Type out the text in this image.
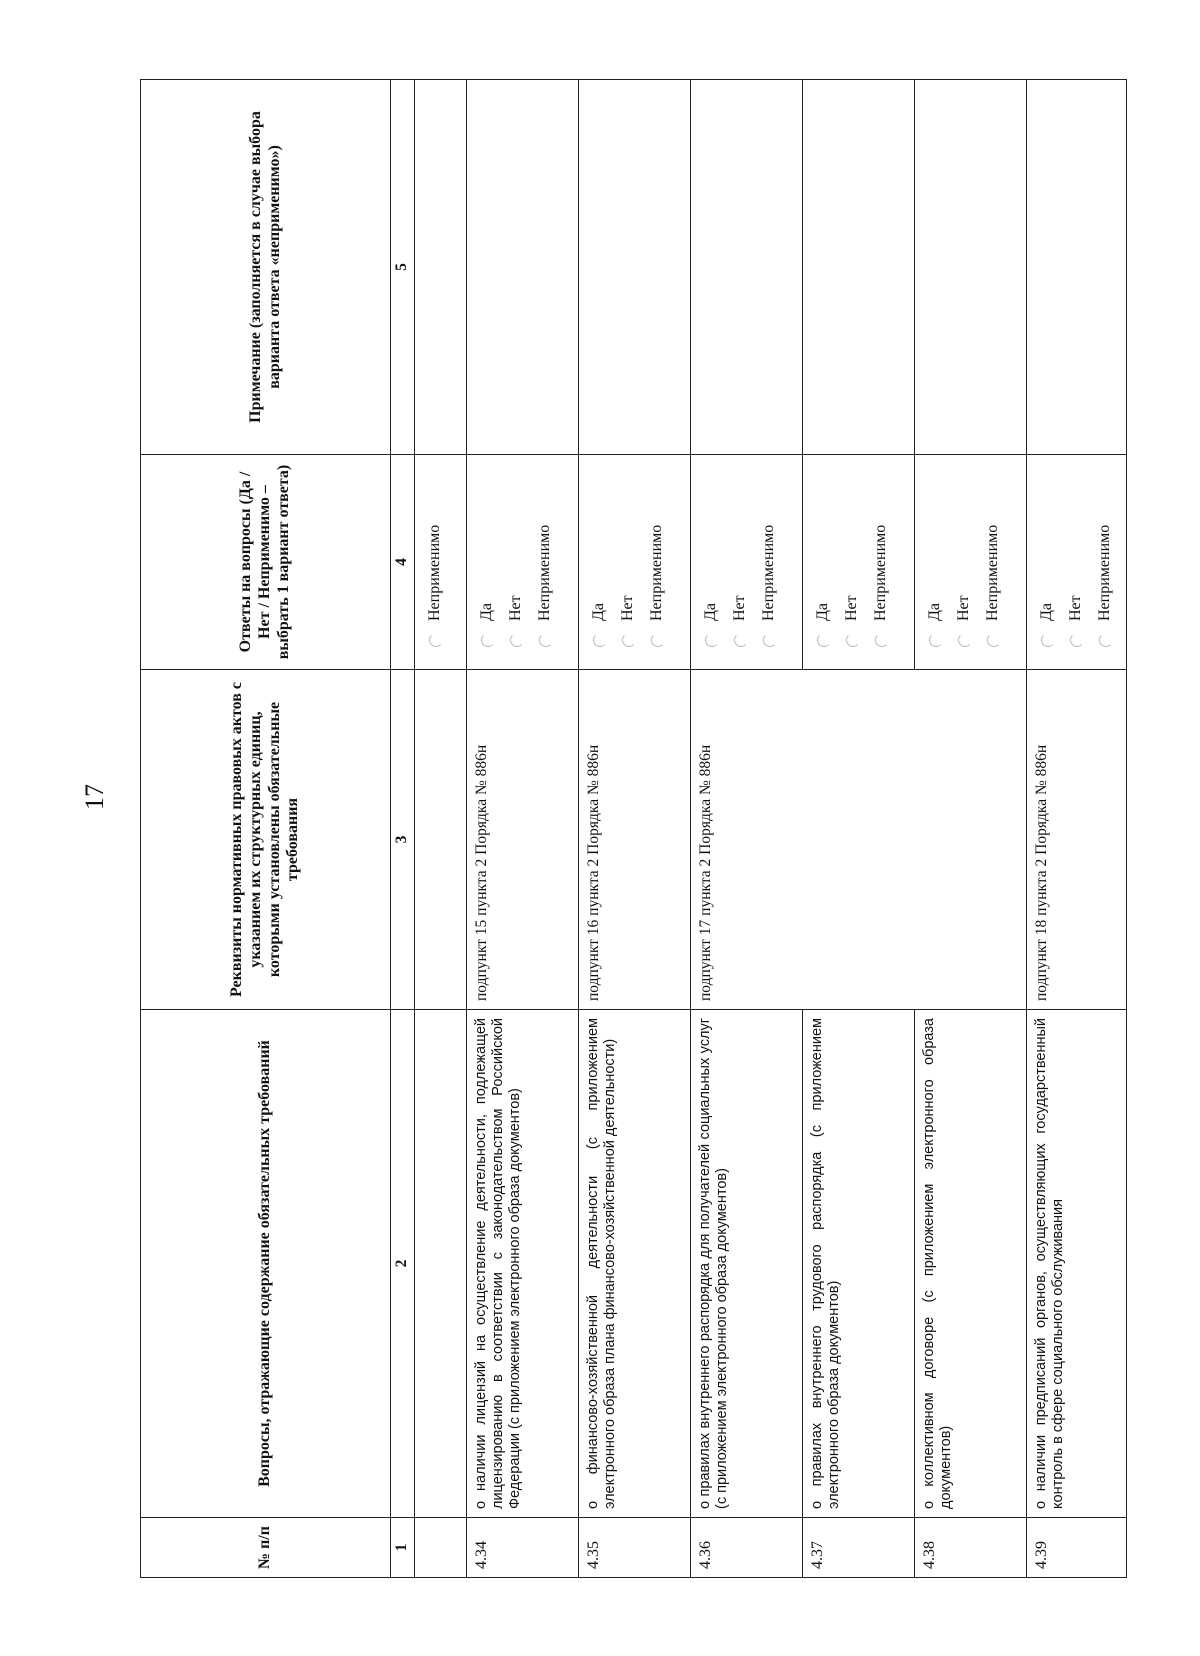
17
№ п/п	Вопросы, отражающие содержание обязательных требований	Реквизиты нормативных правовых актов с указанием их структурных единиц, которыми установлены обязательные требования	Ответы на вопросы (Да / Нет / Неприменимо – выбрать 1 вариант ответа)	Примечание (заполняется в случае выбора варианта ответа «неприменимо»)
1	2	3	4	5

			Неприменимо	

4.34	о наличии лицензий на осуществление деятельности, подлежащей лицензированию в соответствии с законодательством Российской Федерации (с приложением электронного образа документов)	подпункт 15 пункта 2 Порядка № 886н	Да Нет Неприменимо	

4.35	о финансово-хозяйственной деятельности (с приложением электронного образа плана финансово-хозяйственной деятельности)	подпункт 16 пункта 2 Порядка № 886н	Да Нет Неприменимо	

4.36	о правилах внутреннего распорядка для получателей социальных услуг (с приложением электронного образа документов)	подпункт 17 пункта 2 Порядка № 886н	Да Нет Неприменимо	

4.37	о правилах внутреннего трудового распорядка (с приложением электронного образа документов)		Да Нет Неприменимо	

4.38	о коллективном договоре (с приложением электронного образа документов)		Да Нет Неприменимо	

4.39	о наличии предписаний органов, осуществляющих государственный контроль в сфере социального обслуживания	подпункт 18 пункта 2 Порядка № 886н	Да Нет Неприменимо	
